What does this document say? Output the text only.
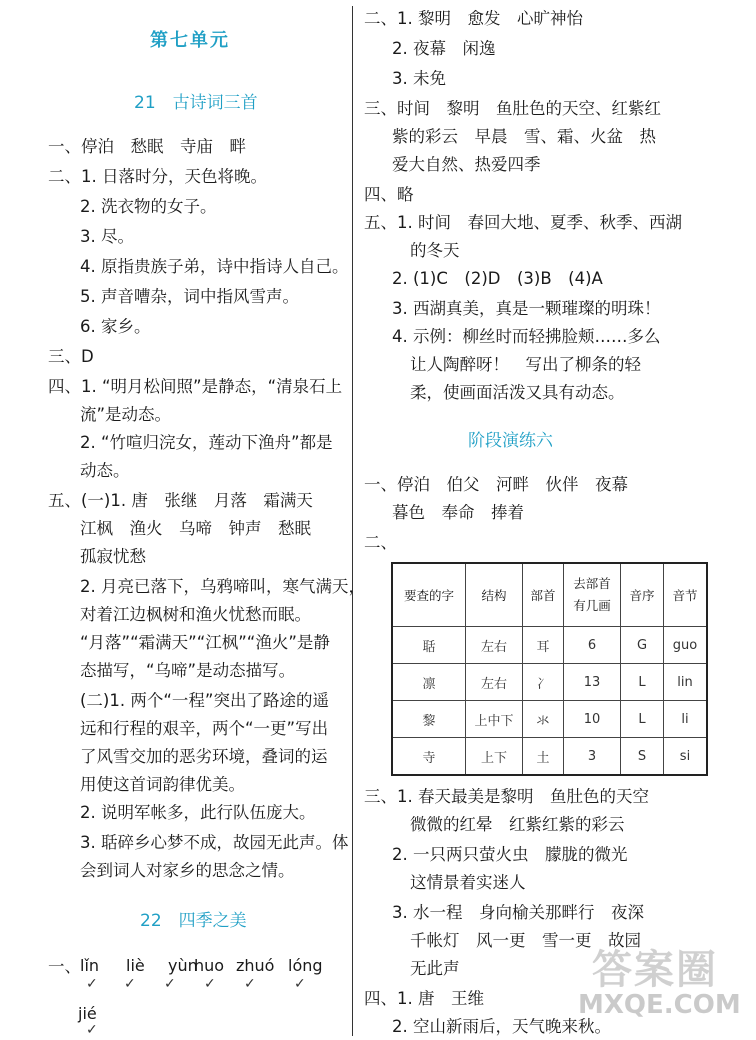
第七单元
21　古诗词三首
一、停泊　愁眠　寺庙　畔
二、1. 日落时分，天色将晚。
2. 洗衣物的女子。
3. 尽。
4. 原指贵族子弟，诗中指诗人自己。
5. 声音嘈杂，词中指风雪声。
6. 家乡。
三、D
四、1. “明月松间照”是静态，“清泉石上
流”是动态。
2. “竹喧归浣女，莲动下渔舟”都是
动态。
五、(一)1. 唐　张继　月落　霜满天
江枫　渔火　乌啼　钟声　愁眠
孤寂忧愁
2. 月亮已落下，乌鸦啼叫，寒气满天，
对着江边枫树和渔火忧愁而眠。
“月落”“霜满天”“江枫”“渔火”是静
态描写，“乌啼”是动态描写。
(二)1. 两个“一程”突出了路途的遥
远和行程的艰辛，两个“一更”写出
了风雪交加的恶劣环境，叠词的运
用使这首词韵律优美。
2. 说明军帐多，此行队伍庞大。
3. 聒碎乡心梦不成，故园无此声。体
会到词人对家乡的思念之情。
22　四季之美
一、 lǐn liè yùn
huo zhuó lóng
✓ ✓ ✓ ✓ ✓	✓
jié
✓
二、1. 黎明　愈发　心旷神怡
2. 夜幕　闲逸
3. 未免
三、时间　黎明　鱼肚色的天空、红紫红
紫的彩云　早晨　雪、霜、火盆　热
爱大自然、热爱四季
四、略
五、1. 时间　春回大地、夏季、秋季、西湖
的冬天
2. (1)C　(2)D　(3)B　(4)A
3. 西湖真美，真是一颗璀璨的明珠！
4. 示例：柳丝时而轻拂脸颊……多么
让人陶醉呀！　写出了柳条的轻
柔，使画面活泼又具有动态。
阶段演练六
一、停泊　伯父　河畔　伙伴　夜幕
暮色　奉命　捧着
二、
要查的字	结构	部首	去部首
有几画	音序	音节
聒	左右	耳	6	G	guo
凛	左右	冫	13	L	lin
黎	上中下	氺	10	L	li
寺	上下	土	3	S	si
三、1. 春天最美是黎明　鱼肚色的天空
微微的红晕　红紫红紫的彩云
2. 一只两只萤火虫　朦胧的微光
这情景着实迷人
3. 水一程　身向榆关那畔行　夜深
千帐灯　风一更　雪一更　故园
无此声
四、1. 唐　王维
2. 空山新雨后，天气晚来秋。
答案圈
MXQE.COM
